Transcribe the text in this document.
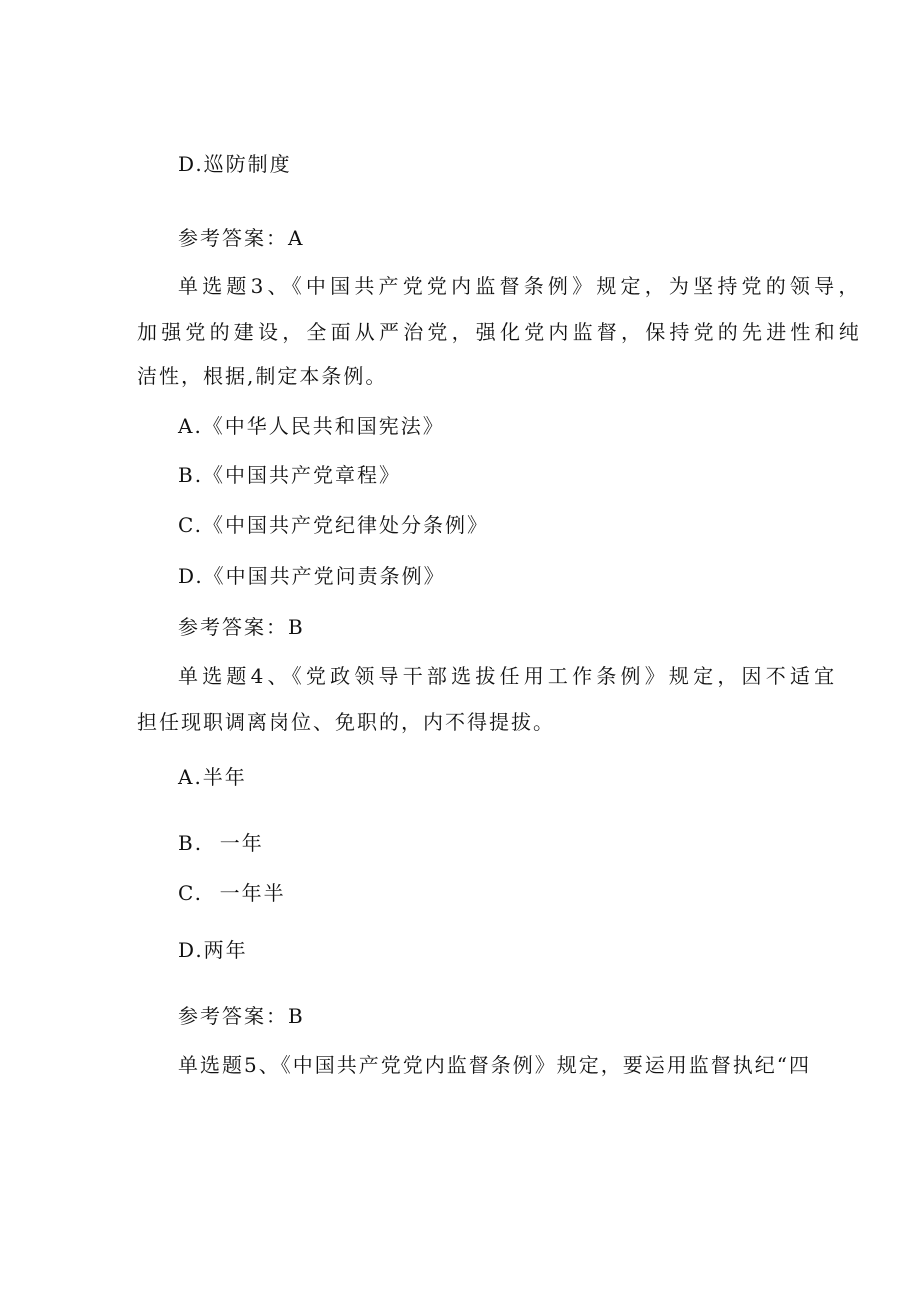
D.巡防制度
参考答案：A
单选题3、《中国共产党党内监督条例》规定，为坚持党的领导，
加强党的建设，全面从严治党，强化党内监督，保持党的先进性和纯
洁性，根据,制定本条例。
A.《中华人民共和国宪法》
B.《中国共产党章程》
C.《中国共产党纪律处分条例》
D.《中国共产党问责条例》
参考答案：B
单选题4、《党政领导干部选拔任用工作条例》规定，因不适宜
担任现职调离岗位、免职的，内不得提拔。
A.半年
B.  一年
C.  一年半
D.两年
参考答案：B
单选题5、《中国共产党党内监督条例》规定，要运用监督执纪“四
